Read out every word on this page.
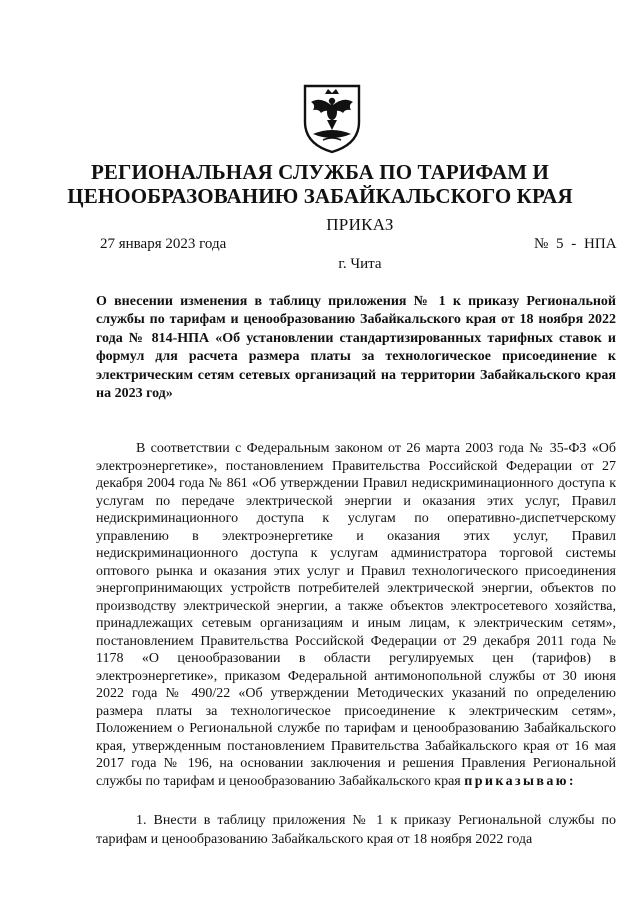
РЕГИОНАЛЬНАЯ СЛУЖБА ПО ТАРИФАМ И
ЦЕНООБРАЗОВАНИЮ ЗАБАЙКАЛЬСКОГО КРАЯ
ПРИКАЗ
27 января 2023 года	№ 5 - НПА
г. Чита
О внесении изменения в таблицу приложения № 1 к приказу Региональной службы по тарифам и ценообразованию Забайкальского края от 18 ноября 2022 года № 814-НПА «Об установлении стандартизированных тарифных ставок и формул для расчета размера платы за технологическое присоединение к электрическим сетям сетевых организаций на территории Забайкальского края на 2023 год»

В соответствии с Федеральным законом от 26 марта 2003 года № 35-ФЗ «Об электроэнергетике», постановлением Правительства Российской Федерации от 27 декабря 2004 года № 861 «Об утверждении Правил недискриминационного доступа к услугам по передаче электрической энергии и оказания этих услуг, Правил недискриминационного доступа к услугам по оперативно-диспетчерскому управлению в электроэнергетике и оказания этих услуг, Правил недискриминационного доступа к услугам администратора торговой системы оптового рынка и оказания этих услуг и Правил технологического присоединения энергопринимающих устройств потребителей электрической энергии, объектов по производству электрической энергии, а также объектов электросетевого хозяйства, принадлежащих сетевым организациям и иным лицам, к электрическим сетям», постановлением Правительства Российской Федерации от 29 декабря 2011 года № 1178 «О ценообразовании в области регулируемых цен (тарифов) в электроэнергетике», приказом Федеральной антимонопольной службы от 30 июня 2022 года № 490/22 «Об утверждении Методических указаний по определению размера платы за технологическое присоединение к электрическим сетям», Положением о Региональной службе по тарифам и ценообразованию Забайкальского края, утвержденным постановлением Правительства Забайкальского края от 16 мая 2017 года № 196, на основании заключения и решения Правления Региональной службы по тарифам и ценообразованию Забайкальского края приказываю:

1. Внести в таблицу приложения № 1 к приказу Региональной службы по тарифам и ценообразованию Забайкальского края от 18 ноября 2022 года
